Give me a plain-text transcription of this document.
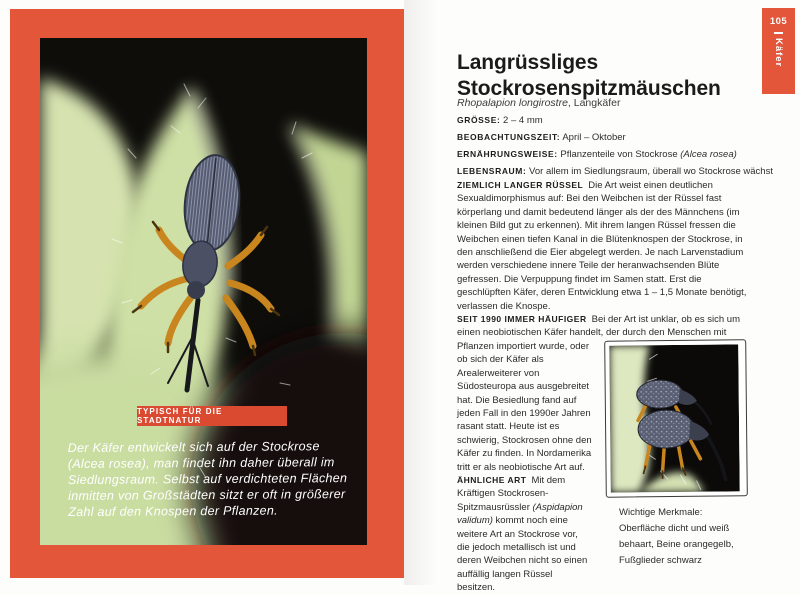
TYPISCH FÜR DIE STADTNATUR
Der Käfer entwickelt sich auf der Stockrose (Alcea rosea), man findet ihn daher überall im Siedlungsraum. Selbst auf verdichteten Flächen inmitten von Großstädten sitzt er oft in größerer Zahl auf den Knospen der Pflanzen.
105
Käfer
Langrüssliges Stockrosenspitzmäuschen
Rhopalapion longirostre, Langkäfer
GRÖSSE: 2 – 4 mm
BEOBACHTUNGSZEIT: April – Oktober
ERNÄHRUNGSWEISE: Pflanzenteile von Stockrose (Alcea rosea)
LEBENSRAUM: Vor allem im Siedlungsraum, überall wo Stockrose wächst

ZIEMLICH LANGER RÜSSEL Die Art weist einen deutlichen Sexualdimorphismus auf: Bei den Weibchen ist der Rüssel fast körperlang und damit bedeutend länger als der des Männchens (im kleinen Bild gut zu erkennen). Mit ihrem langen Rüssel fressen die Weibchen einen tiefen Kanal in die Blütenknospen der Stockrose, in den anschließend die Eier abgelegt werden. Je nach Larvenstadium werden verschiedene innere Teile der heranwachsenden Blüte gefressen. Die Verpuppung findet im Samen statt. Erst die geschlüpften Käfer, deren Entwicklung etwa 1 – 1,5 Monate benötigt, verlassen die Knospe.

Wichtige Merkmale: Oberfläche dicht und weiß behaart, Beine orangegelb, Fußglieder schwarz
SEIT 1990 IMMER HÄUFIGER Bei der Art ist unklar, ob es sich um einen neobiotischen Käfer handelt, der durch den Menschen mit Pflanzen importiert wurde, oder ob sich der Käfer als Arealerweiterer von Südosteuropa aus ausgebreitet hat. Die Besiedlung fand auf jeden Fall in den 1990er Jahren rasant statt. Heute ist es schwierig, Stockrosen ohne den Käfer zu finden. In Nordamerika tritt er als neobiotische Art auf.

ÄHNLICHE ART Mit dem Kräftigen Stockrosen-Spitzmausrüssler (Aspidapion validum) kommt noch eine weitere Art an Stockrose vor, die jedoch metallisch ist und deren Weibchen nicht so einen auffällig langen Rüssel besitzen.
